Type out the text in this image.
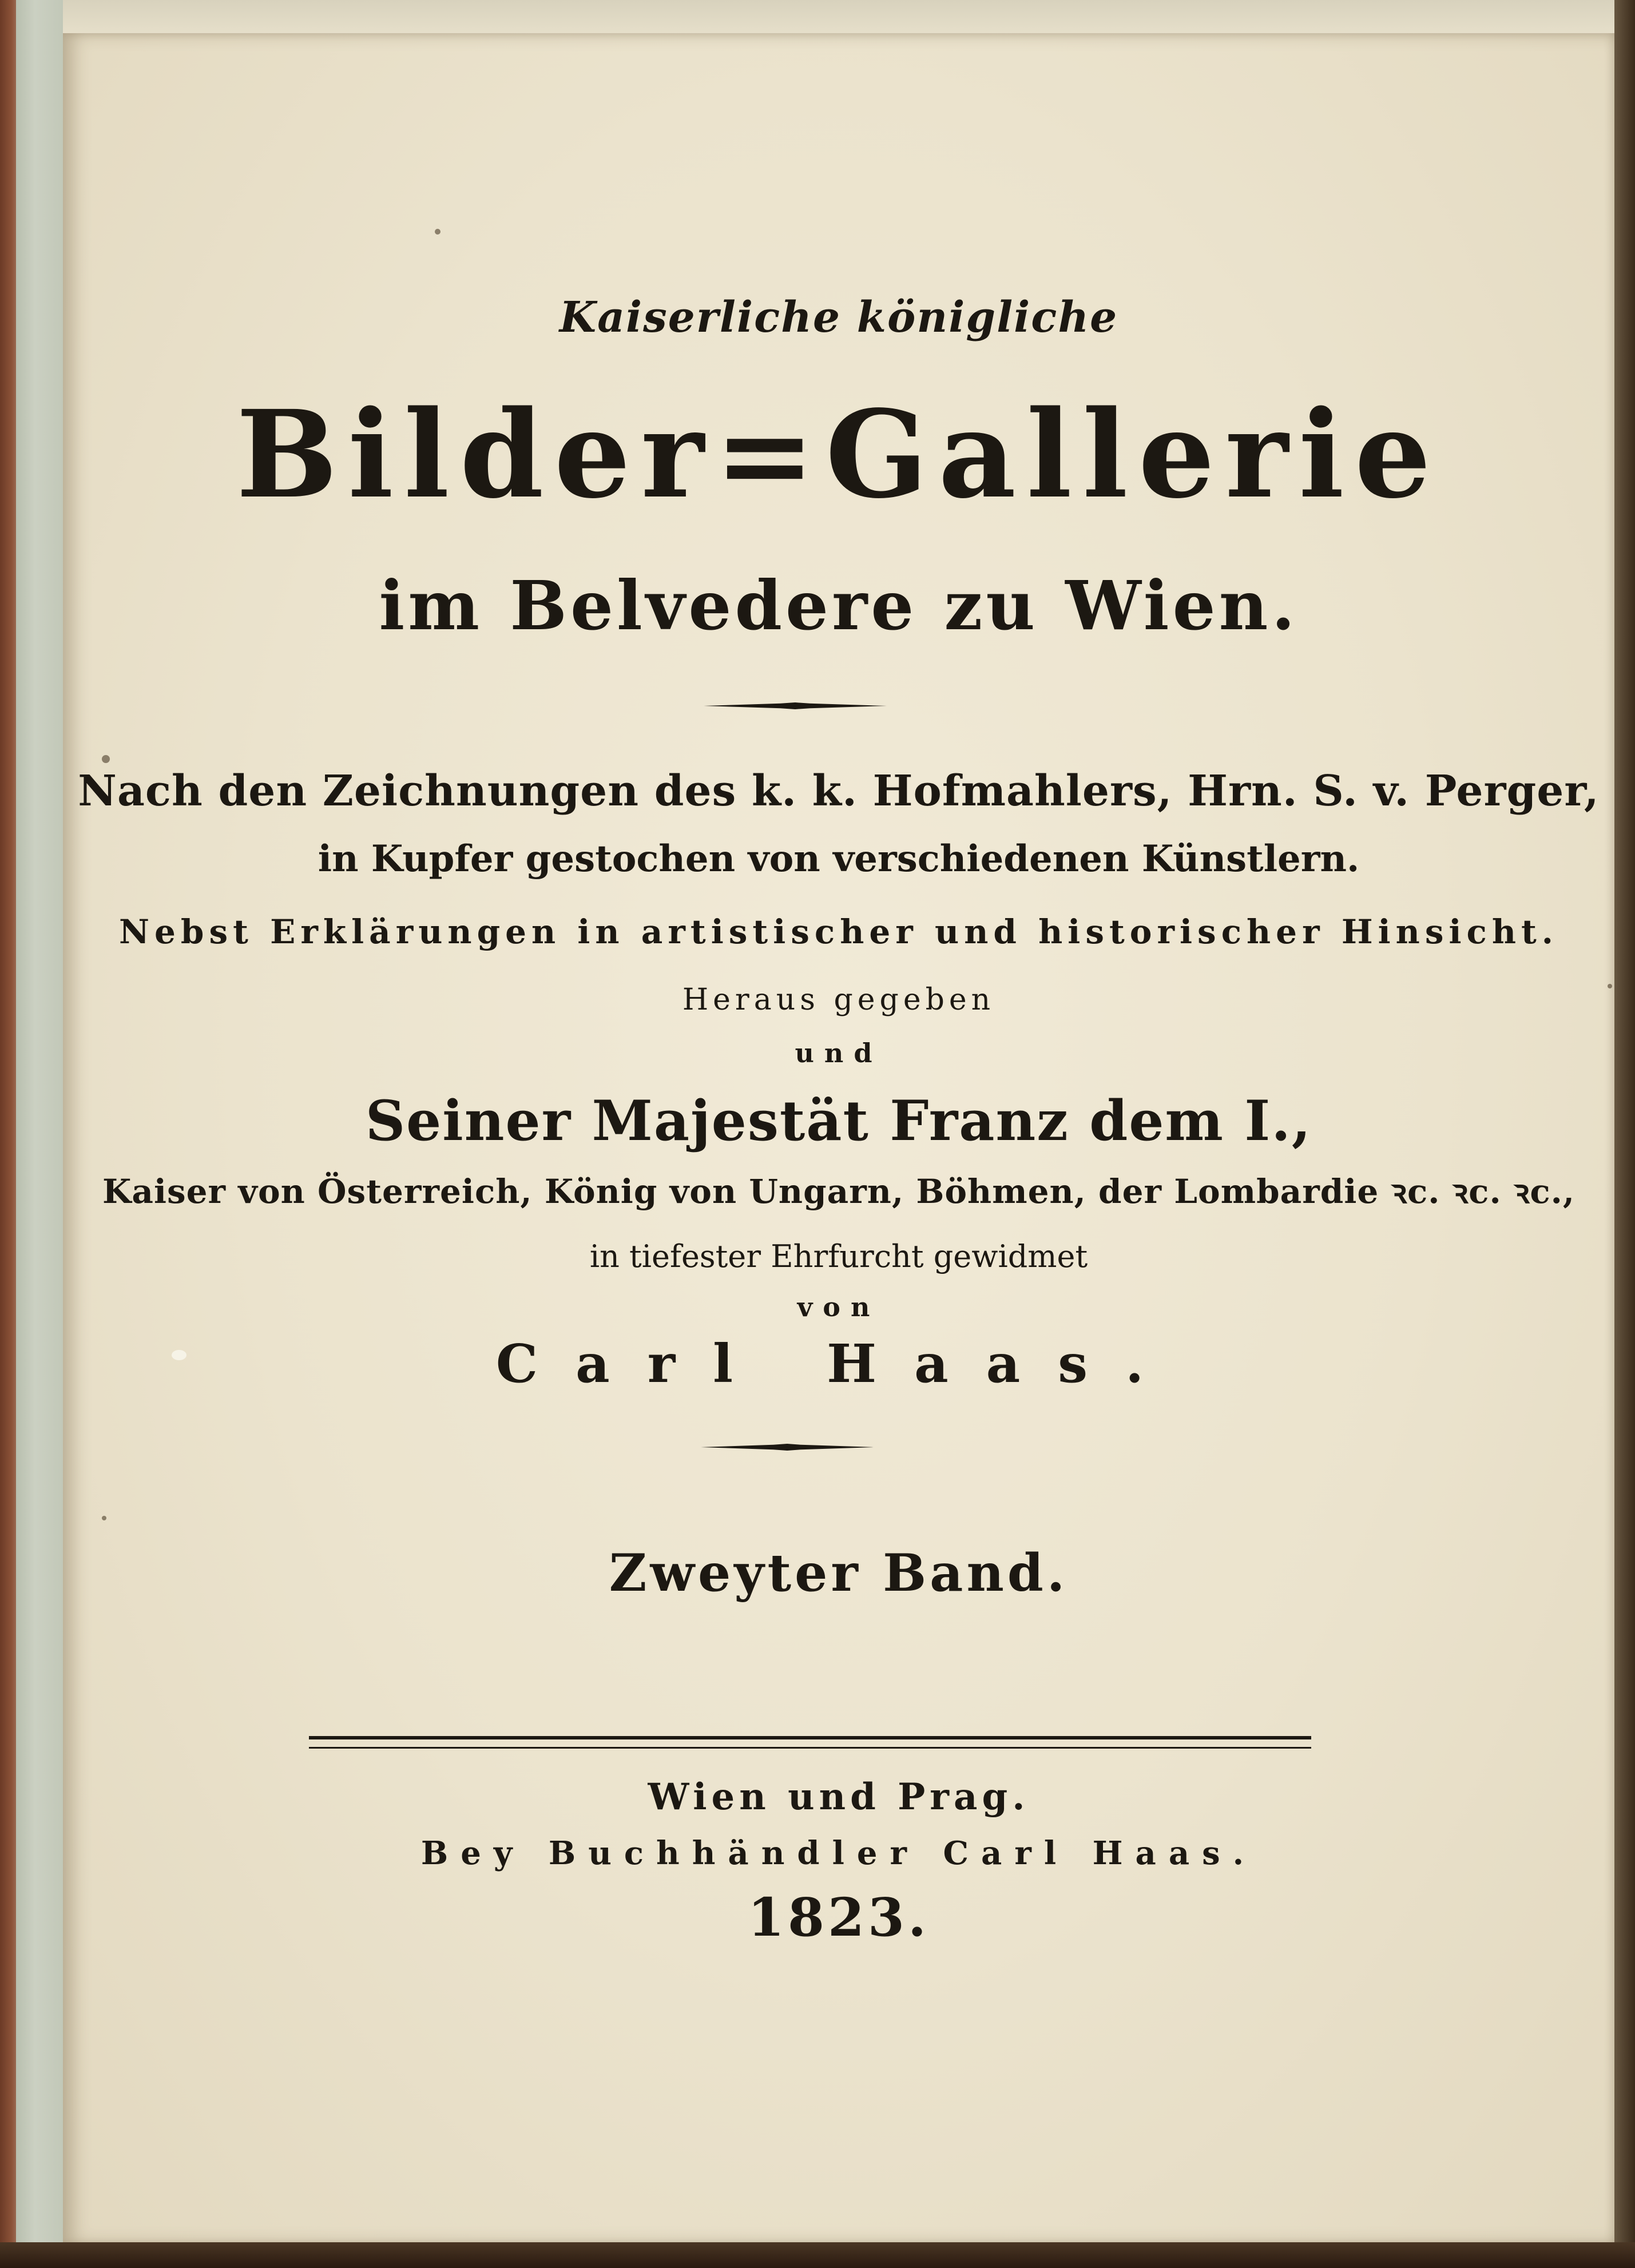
Kaiserliche königliche
Bilder=Gallerie
im Belvedere zu Wien.
Nach den Zeichnungen des k. k. Hofmahlers, Hrn. S. v. Perger,
in Kupfer gestochen von verschiedenen Künstlern.
Nebst Erklärungen in artistischer und historischer Hinsicht.
Heraus gegeben
und
Seiner Majestät Franz dem I.,
Kaiser von Österreich, König von Ungarn, Böhmen, der Lombardie ꝛc. ꝛc. ꝛc.,
in tiefester Ehrfurcht gewidmet
von
Carl Haas.
Zweyter Band.
Wien und Prag.
Bey Buchhändler Carl Haas.
1823.
